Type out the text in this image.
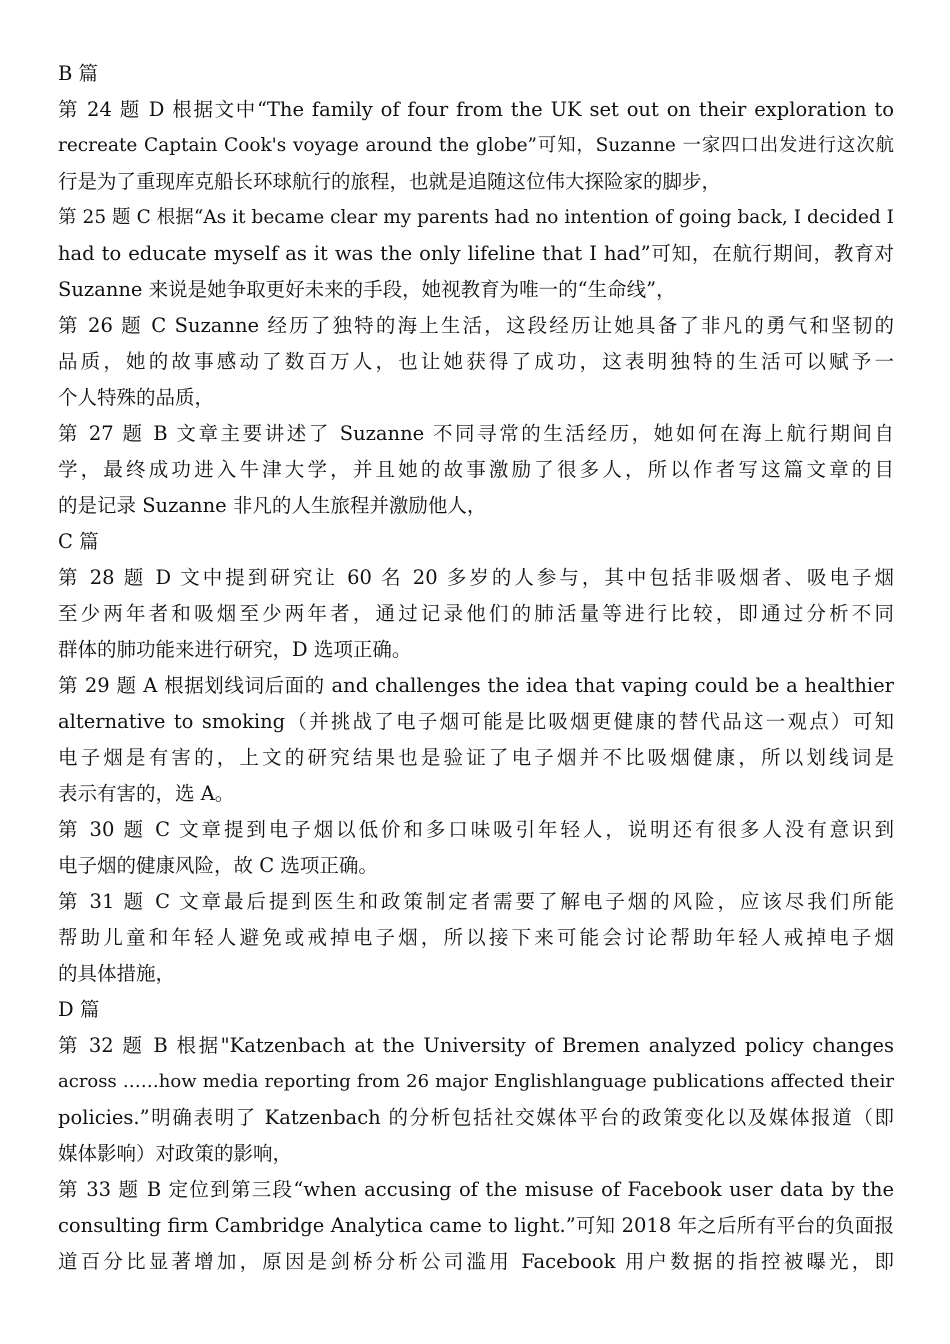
B 篇
第 24 题 D 根据文中“The family of four from the UK set out on their exploration to
recreate Captain Cook's voyage around the globe”可知，Suzanne 一家四口出发进行这次航
行是为了重现库克船长环球航行的旅程，也就是追随这位伟大探险家的脚步，
第 25 题 C 根据“As it became clear my parents had no intention of going back, I decided I
had to educate myself as it was the only lifeline that I had”可知，在航行期间，教育对
Suzanne 来说是她争取更好未来的手段，她视教育为唯一的“生命线”，
第 26 题 C Suzanne 经历了独特的海上生活，这段经历让她具备了非凡的勇气和坚韧的
品质，她的故事感动了数百万人，也让她获得了成功，这表明独特的生活可以赋予一
个人特殊的品质，
第 27 题 B 文章主要讲述了 Suzanne 不同寻常的生活经历，她如何在海上航行期间自
学，最终成功进入牛津大学，并且她的故事激励了很多人，所以作者写这篇文章的目
的是记录 Suzanne 非凡的人生旅程并激励他人，
C 篇
第 28 题 D 文中提到研究让 60 名 20 多岁的人参与，其中包括非吸烟者、吸电子烟
至少两年者和吸烟至少两年者，通过记录他们的肺活量等进行比较，即通过分析不同
群体的肺功能来进行研究，D 选项正确。
第 29 题 A 根据划线词后面的 and challenges the idea that vaping could be a healthier
alternative to smoking（并挑战了电子烟可能是比吸烟更健康的替代品这一观点）可知
电子烟是有害的，上文的研究结果也是验证了电子烟并不比吸烟健康，所以划线词是
表示有害的，选 A。
第 30 题 C 文章提到电子烟以低价和多口味吸引年轻人，说明还有很多人没有意识到
电子烟的健康风险，故 C 选项正确。
第 31 题 C 文章最后提到医生和政策制定者需要了解电子烟的风险，应该尽我们所能
帮助儿童和年轻人避免或戒掉电子烟，所以接下来可能会讨论帮助年轻人戒掉电子烟
的具体措施，
D 篇
第 32 题 B 根据"Katzenbach at the University of Bremen analyzed policy changes
across ……how media reporting from 26 major Englishlanguage publications affected their
policies.”明确表明了 Katzenbach 的分析包括社交媒体平台的政策变化以及媒体报道（即
媒体影响）对政策的影响，
第 33 题 B 定位到第三段“when accusing of the misuse of Facebook user data by the
consulting firm Cambridge Analytica came to light.”可知 2018 年之后所有平台的负面报
道百分比显著增加，原因是剑桥分析公司滥用 Facebook 用户数据的指控被曝光，即
